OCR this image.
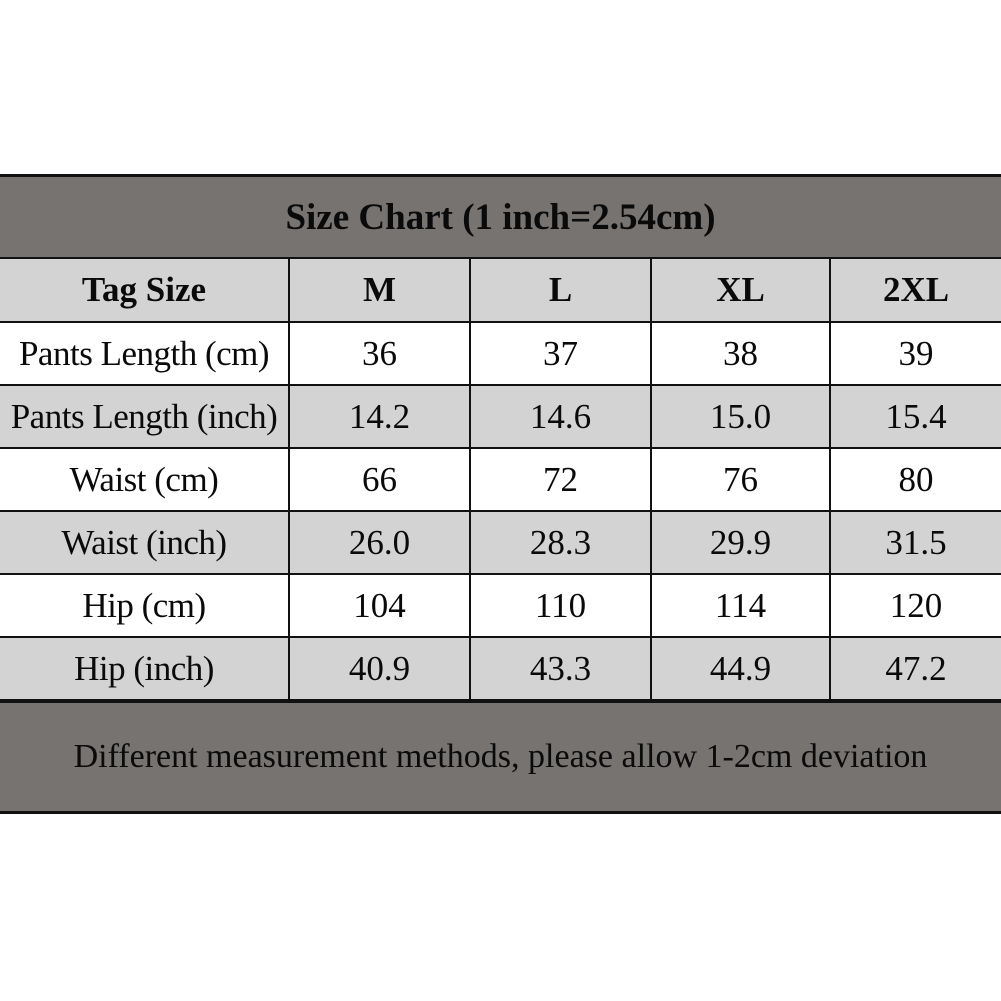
Size Chart (1 inch=2.54cm)
Tag Size	M	L	XL	2XL
Pants Length (cm)	36	37	38	39
Pants Length (inch)	14.2	14.6	15.0	15.4
Waist (cm)	66	72	76	80
Waist (inch)	26.0	28.3	29.9	31.5
Hip (cm)	104	110	114	120
Hip (inch)	40.9	43.3	44.9	47.2
Different measurement methods, please allow 1-2cm deviation
